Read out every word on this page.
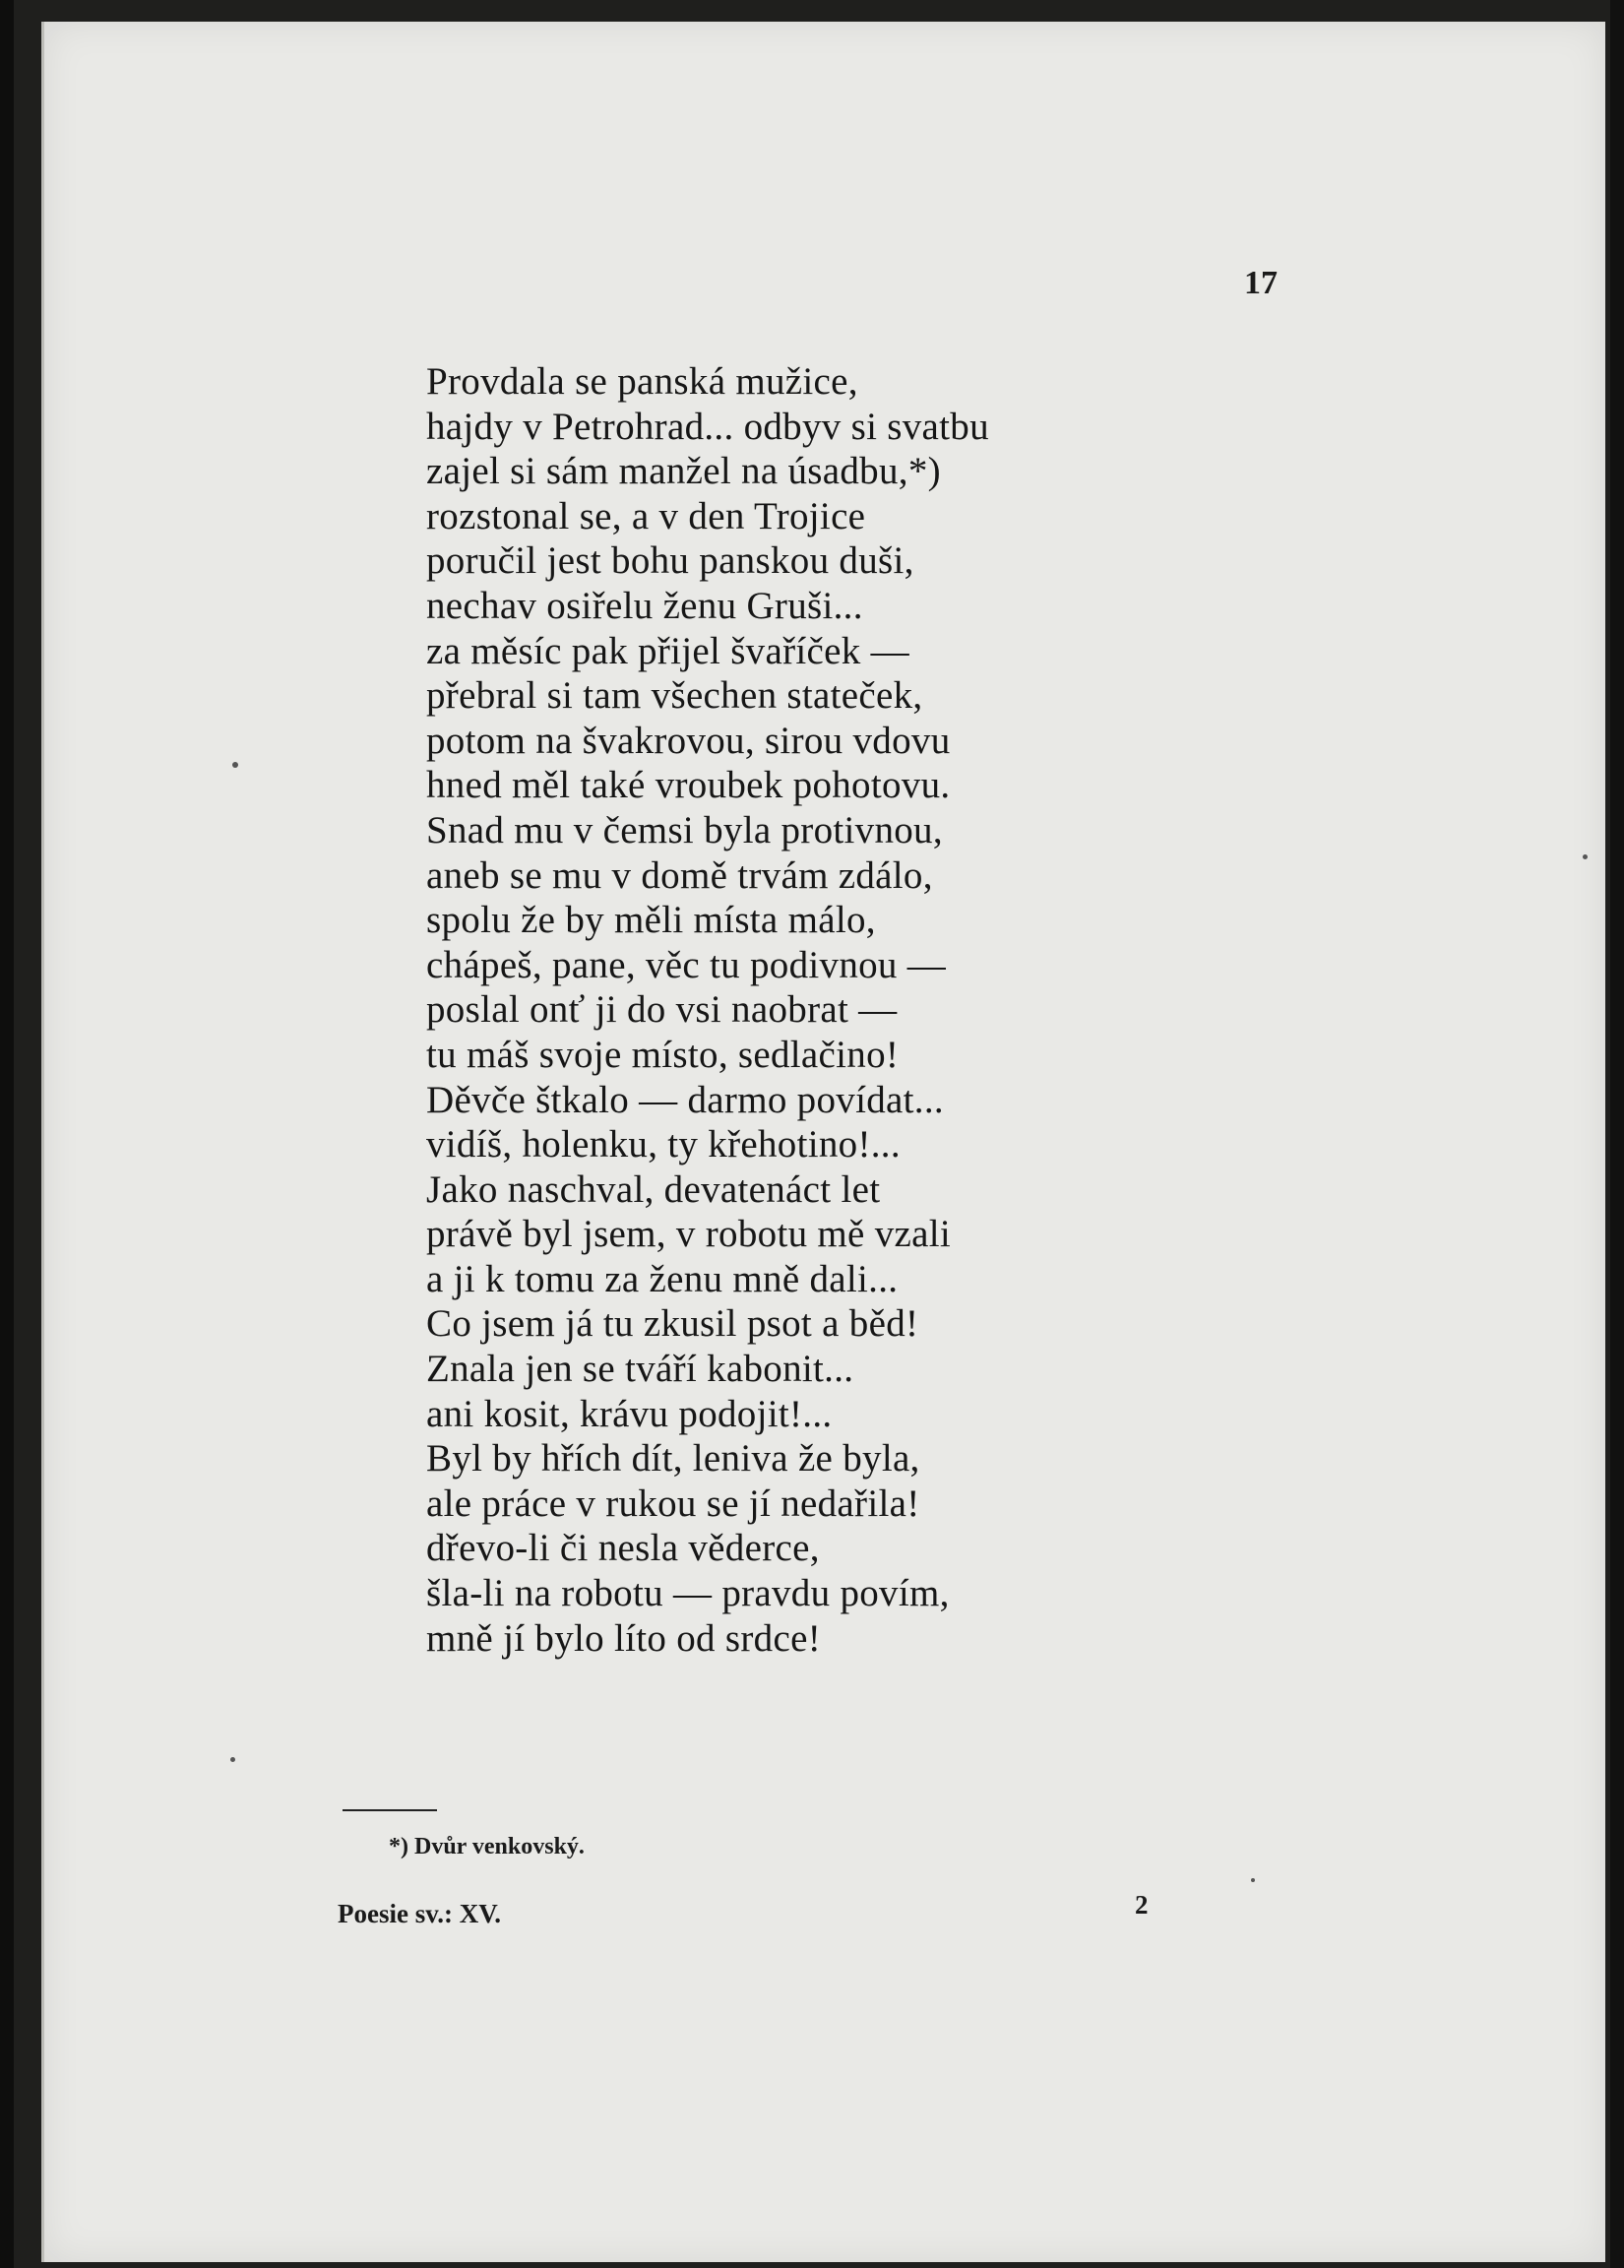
17
Provdala se panská mužice,
hajdy v Petrohrad... odbyv si svatbu
zajel si sám manžel na úsadbu,*)
rozstonal se, a v den Trojice
poručil jest bohu panskou duši,
nechav osiřelu ženu Gruši...
za měsíc pak přijel švaříček —
přebral si tam všechen stateček,
potom na švakrovou, sirou vdovu
hned měl také vroubek pohotovu.
Snad mu v čemsi byla protivnou,
aneb se mu v domě trvám zdálo,
spolu že by měli místa málo,
chápeš, pane, věc tu podivnou —
poslal onť ji do vsi naobrat —
tu máš svoje místo, sedlačino!
Děvče štkalo — darmo povídat...
vidíš, holenku, ty křehotino!...
Jako naschval, devatenáct let
právě byl jsem, v robotu mě vzali
a ji k tomu za ženu mně dali...
Co jsem já tu zkusil psot a běd!
Znala jen se tváří kabonit...
ani kosit, krávu podojit!...
Byl by hřích dít, leniva že byla,
ale práce v rukou se jí nedařila!
dřevo-li či nesla věderce,
šla-li na robotu — pravdu povím,
mně jí bylo líto od srdce!
*) Dvůr venkovský.
Poesie sv.: XV.	2
